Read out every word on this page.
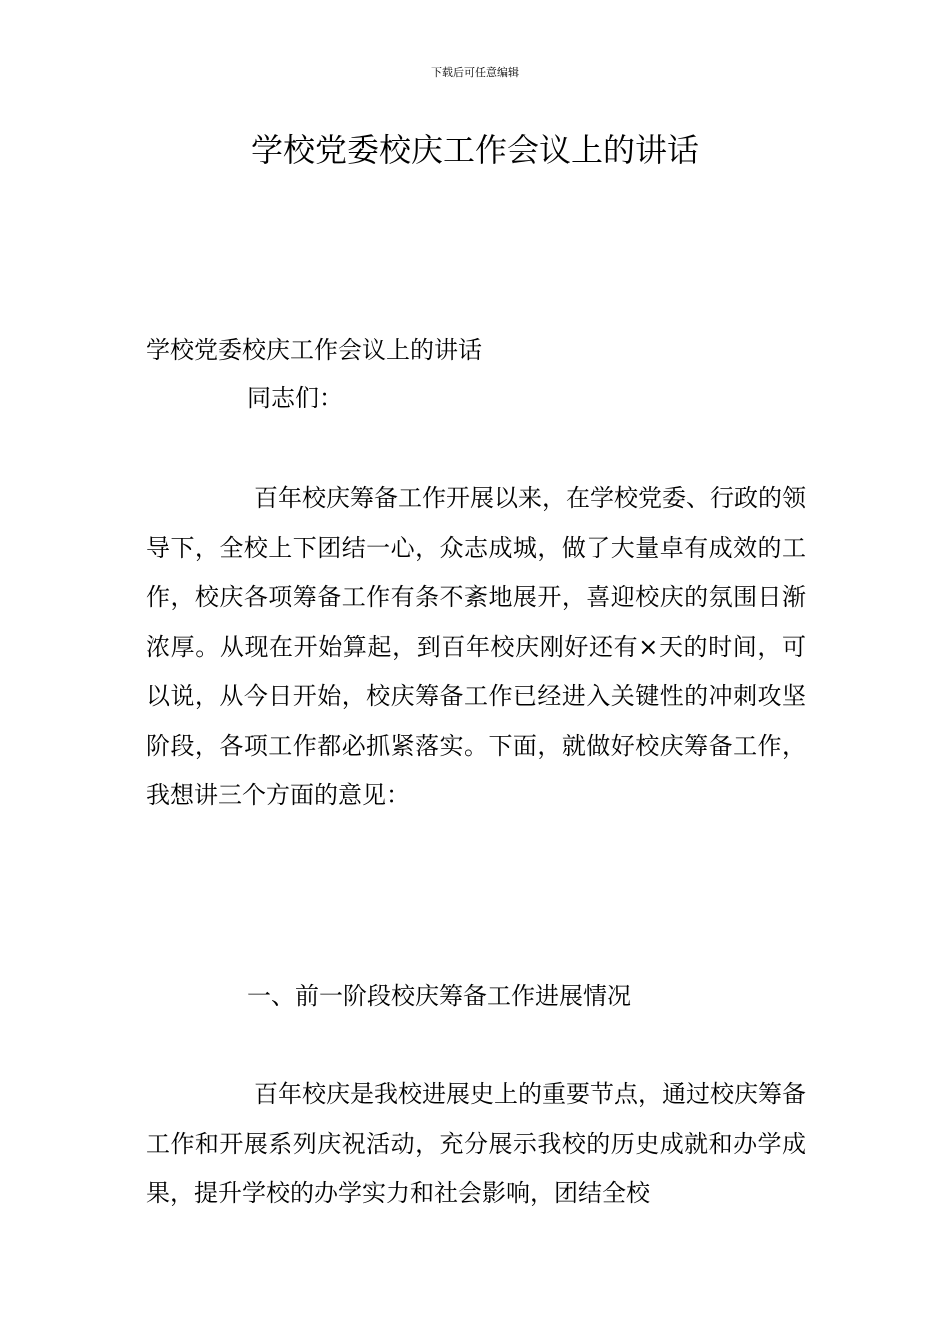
下载后可任意编辑
学校党委校庆工作会议上的讲话
学校党委校庆工作会议上的讲话
同志们：

百年校庆筹备工作开展以来，在学校党委、行政的领导下，全校上下团结一心，众志成城，做了大量卓有成效的工作，校庆各项筹备工作有条不紊地展开，喜迎校庆的氛围日渐浓厚。从现在开始算起，到百年校庆刚好还有×天的时间，可以说，从今日开始，校庆筹备工作已经进入关键性的冲刺攻坚阶段，各项工作都必抓紧落实。下面，就做好校庆筹备工作，我想讲三个方面的意见：

一、前一阶段校庆筹备工作进展情况

百年校庆是我校进展史上的重要节点，通过校庆筹备工作和开展系列庆祝活动，充分展示我校的历史成就和办学成果，提升学校的办学实力和社会影响，团结全校
